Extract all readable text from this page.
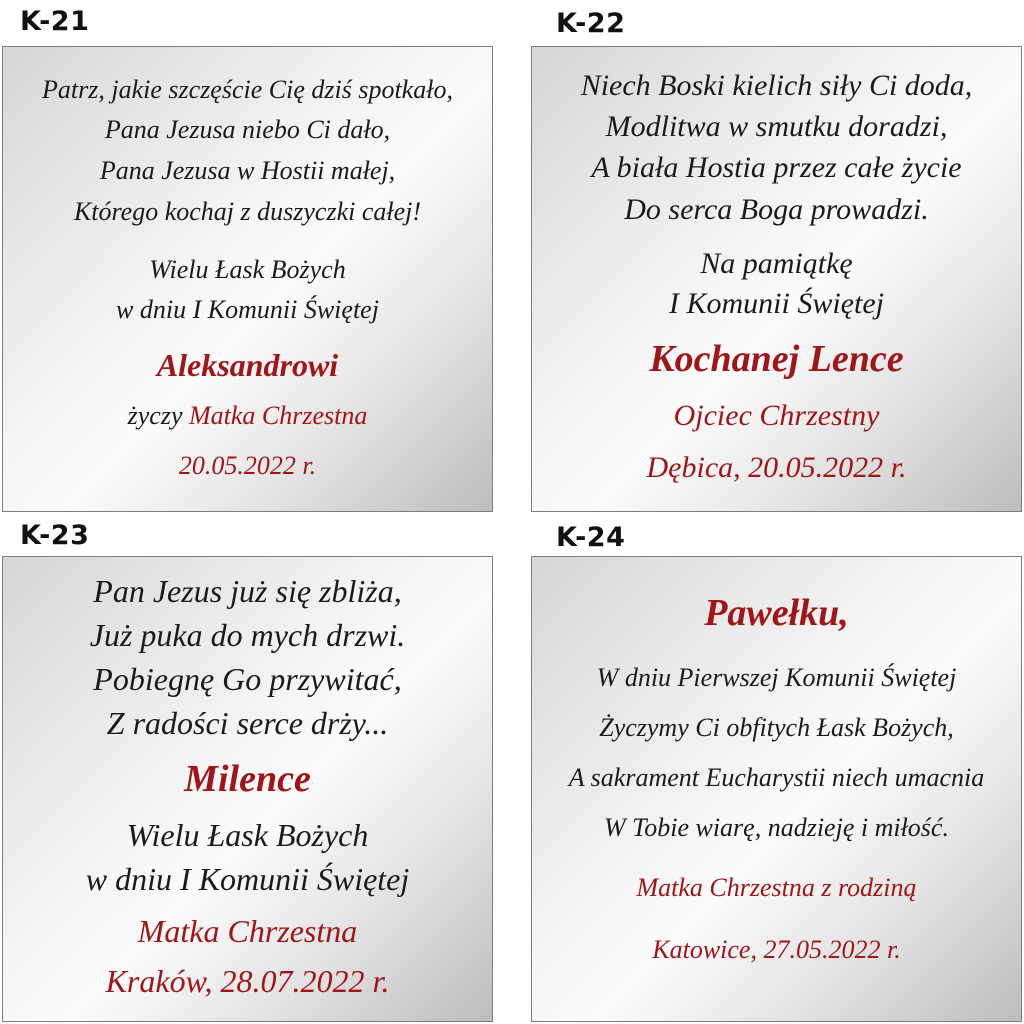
K-21
Patrz, jakie szczęście Cię dziś spotkało,
Pana Jezusa niebo Ci dało,
Pana Jezusa w Hostii małej,
Którego kochaj z duszyczki całej!
Wielu Łask Bożych
w dniu I Komunii Świętej
Aleksandrowi
życzy Matka Chrzestna
20.05.2022 r.
K-22
Niech Boski kielich siły Ci doda,
Modlitwa w smutku doradzi,
A biała Hostia przez całe życie
Do serca Boga prowadzi.
Na pamiątkę
I Komunii Świętej
Kochanej Lence
Ojciec Chrzestny
Dębica, 20.05.2022 r.
K-23
Pan Jezus już się zbliża,
Już puka do mych drzwi.
Pobiegnę Go przywitać,
Z radości serce drży...
Milence
Wielu Łask Bożych
w dniu I Komunii Świętej
Matka Chrzestna
Kraków, 28.07.2022 r.
K-24
Pawełku,
W dniu Pierwszej Komunii Świętej
Życzymy Ci obfitych Łask Bożych,
A sakrament Eucharystii niech umacnia
W Tobie wiarę, nadzieję i miłość.
Matka Chrzestna z rodziną
Katowice, 27.05.2022 r.
